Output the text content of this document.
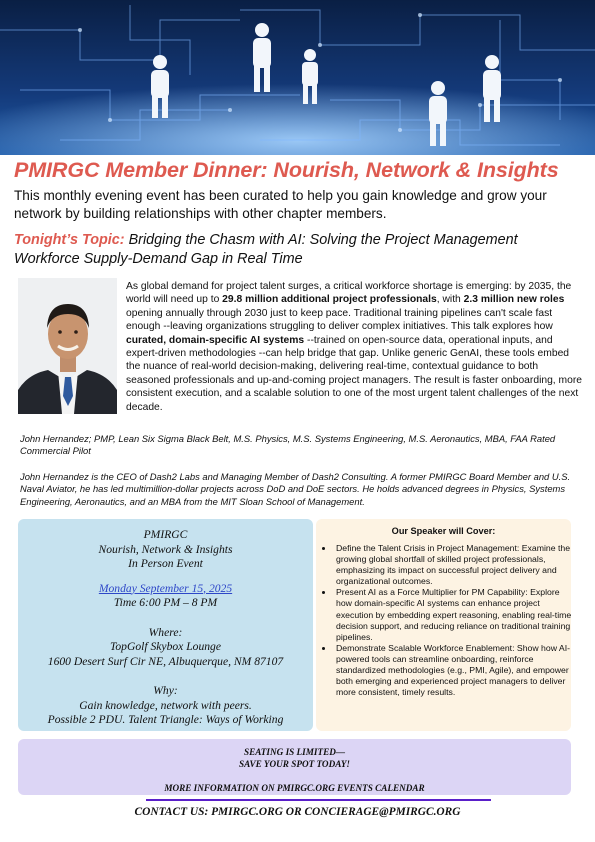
PMIRGC Member Dinner: Nourish, Network & Insights
This monthly evening event has been curated to help you gain knowledge and grow your network by building relationships with other chapter members.
Tonight’s Topic: Bridging the Chasm with AI: Solving the Project Management Workforce Supply-Demand Gap in Real Time
As global demand for project talent surges, a critical workforce shortage is emerging: by 2035, the world will need up to 29.8 million additional project professionals, with 2.3 million new roles opening annually through 2030 just to keep pace. Traditional training pipelines can't scale fast enough --leaving organizations struggling to deliver complex initiatives. This talk explores how curated, domain-specific AI systems --trained on open-source data, operational inputs, and expert-driven methodologies --can help bridge that gap. Unlike generic GenAI, these tools embed the nuance of real-world decision-making, delivering real-time, contextual guidance to both seasoned professionals and up-and-coming project managers. The result is faster onboarding, more consistent execution, and a scalable solution to one of the most urgent talent challenges of the next decade.
John Hernandez; PMP, Lean Six Sigma Black Belt, M.S. Physics, M.S. Systems Engineering, M.S. Aeronautics, MBA, FAA Rated Commercial Pilot
John Hernandez is the CEO of Dash2 Labs and Managing Member of Dash2 Consulting. A former PMIRGC Board Member and U.S. Naval Aviator, he has led multimillion-dollar projects across DoD and DoE sectors. He holds advanced degrees in Physics, Systems Engineering, Aeronautics, and an MBA from the MIT Sloan School of Management.
PMIRGC
Nourish, Network & Insights
In Person Event
Monday September 15, 2025
Time 6:00 PM – 8 PM
Where:
TopGolf Skybox Lounge
1600 Desert Surf Cir NE, Albuquerque, NM 87107
Why:
Gain knowledge, network with peers.
Possible 2 PDU. Talent Triangle: Ways of Working
Our Speaker will Cover:
• Define the Talent Crisis in Project Management: Examine the growing global shortfall of skilled project professionals, emphasizing its impact on successful project delivery and organizational outcomes.
• Present AI as a Force Multiplier for PM Capability: Explore how domain-specific AI systems can enhance project execution by embedding expert reasoning, enabling real-time decision support, and reducing reliance on traditional training pipelines.
• Demonstrate Scalable Workforce Enablement: Show how AI-powered tools can streamline onboarding, reinforce standardized methodologies (e.g., PMI, Agile), and empower both emerging and experienced project managers to deliver more consistent, timely results.
SEATING IS LIMITED—
SAVE YOUR SPOT TODAY!
MORE INFORMATION ON PMIRGC.ORG EVENTS CALENDAR
CONTACT US: PMIRGC.ORG OR CONCIERAGE@PMIRGC.ORG
